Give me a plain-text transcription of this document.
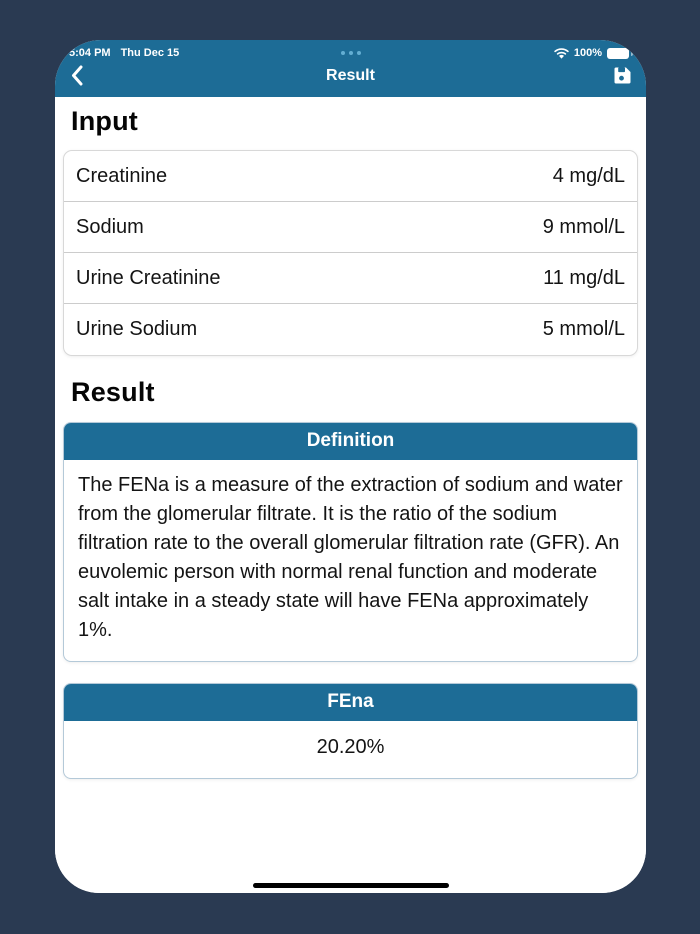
5:04 PM Thu Dec 15	100%
Result
Input
Creatinine	4 mg/dL
Sodium	9 mmol/L
Urine Creatinine	11 mg/dL
Urine Sodium	5 mmol/L
Result
Definition
The FENa is a measure of the extraction of sodium and water from the glomerular filtrate. It is the ratio of the sodium filtration rate to the overall glomerular filtration rate (GFR). An euvolemic person with normal renal function and moderate salt intake in a steady state will have FENa approximately 1%.
FEna
20.20%
